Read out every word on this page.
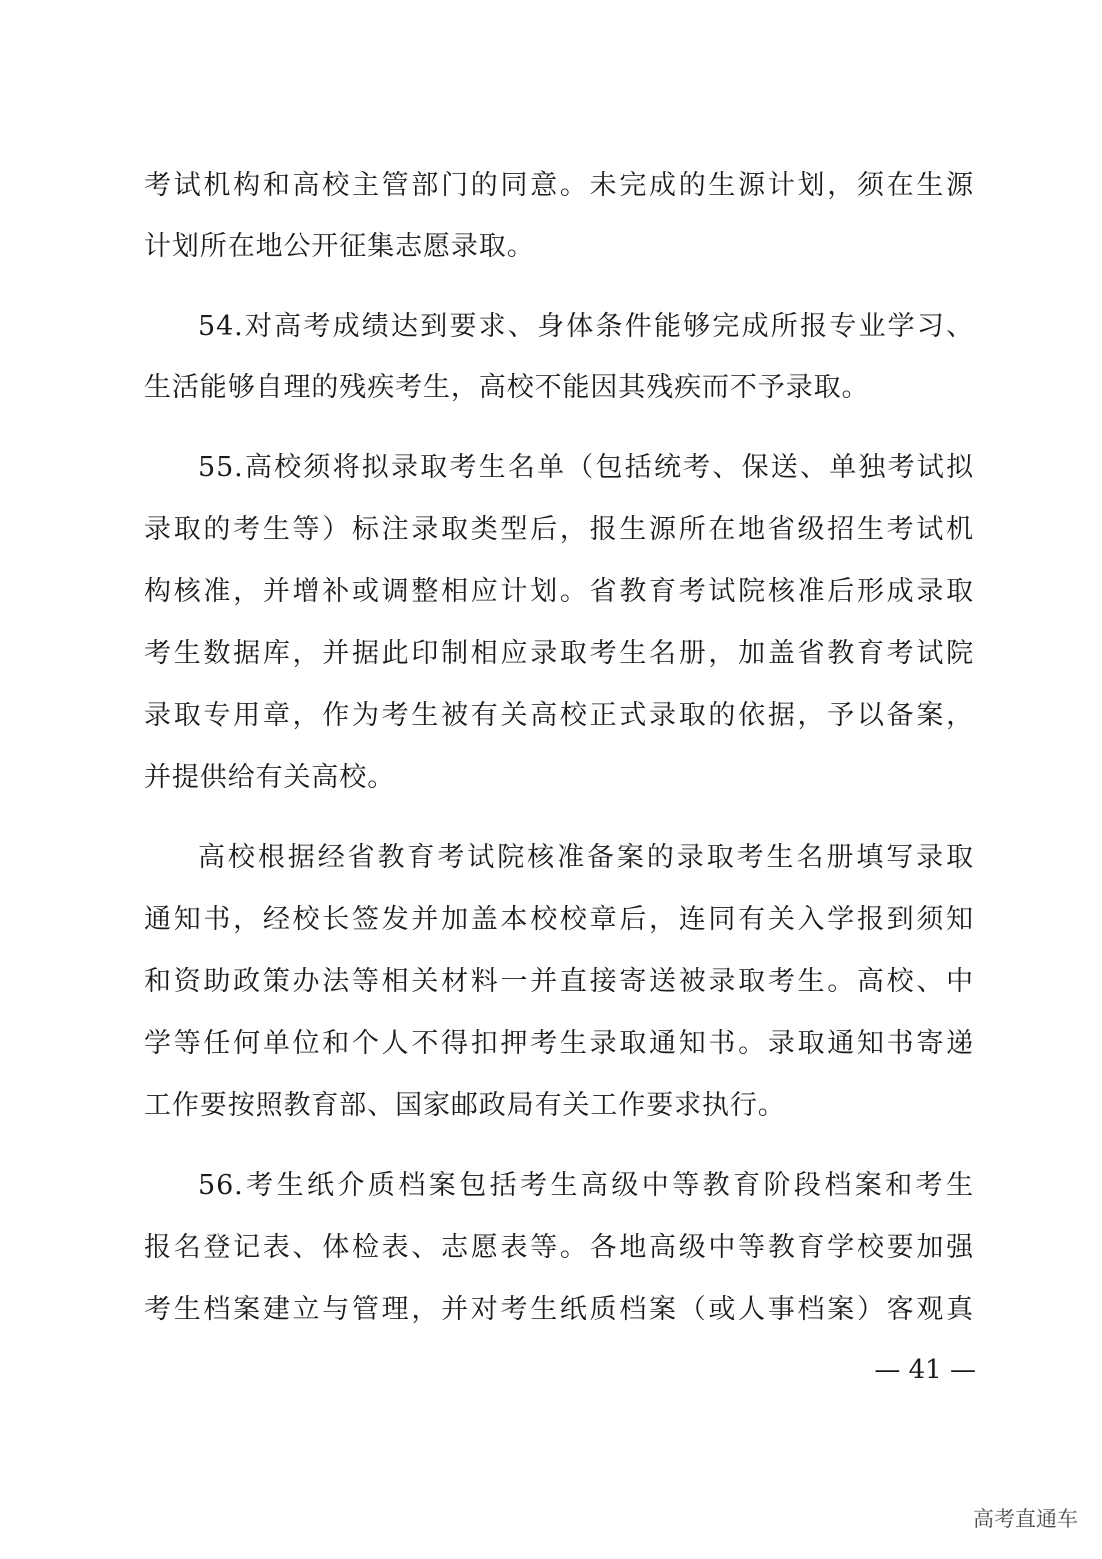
考试机构和高校主管部门的同意。未完成的生源计划，须在生源
计划所在地公开征集志愿录取。
54.对高考成绩达到要求、身体条件能够完成所报专业学习、
生活能够自理的残疾考生，高校不能因其残疾而不予录取。
55.高校须将拟录取考生名单（包括统考、保送、单独考试拟
录取的考生等）标注录取类型后，报生源所在地省级招生考试机
构核准，并增补或调整相应计划。省教育考试院核准后形成录取
考生数据库，并据此印制相应录取考生名册，加盖省教育考试院
录取专用章，作为考生被有关高校正式录取的依据，予以备案，
并提供给有关高校。
高校根据经省教育考试院核准备案的录取考生名册填写录取
通知书，经校长签发并加盖本校校章后，连同有关入学报到须知
和资助政策办法等相关材料一并直接寄送被录取考生。高校、中
学等任何单位和个人不得扣押考生录取通知书。录取通知书寄递
工作要按照教育部、国家邮政局有关工作要求执行。
56.考生纸介质档案包括考生高级中等教育阶段档案和考生
报名登记表、体检表、志愿表等。各地高级中等教育学校要加强
考生档案建立与管理，并对考生纸质档案（或人事档案）客观真
— 41 —
高考直通车
